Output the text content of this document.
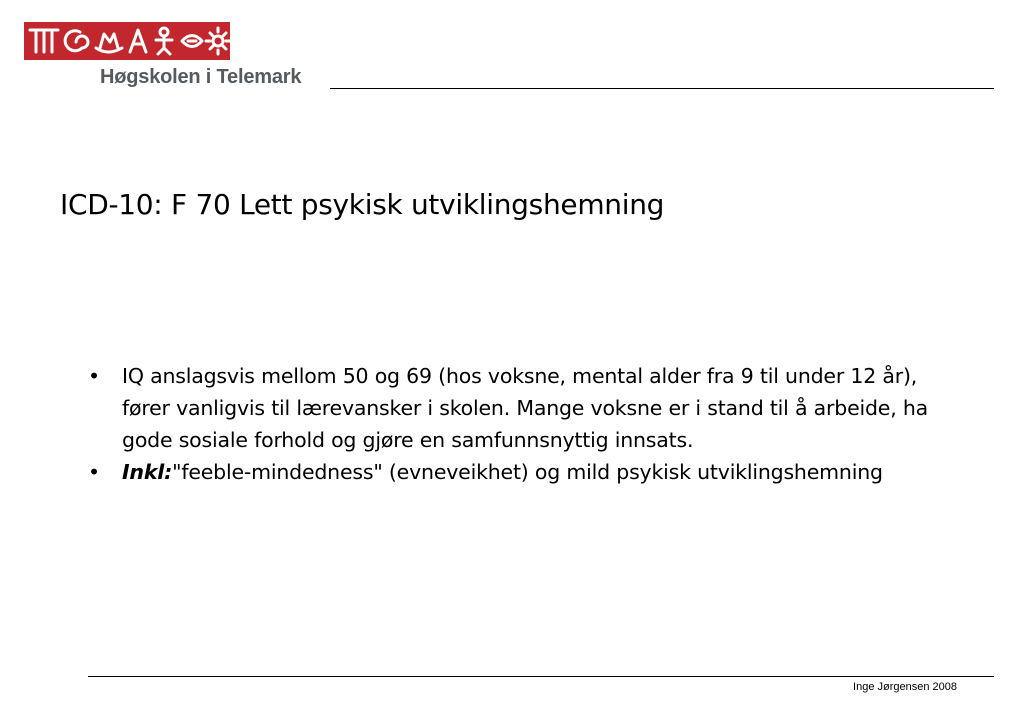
Høgskolen i Telemark
ICD-10: F 70 Lett psykisk utviklingshemning
• IQ anslagsvis mellom 50 og 69 (hos voksne, mental alder fra 9 til under 12 år), fører vanligvis til lærevansker i skolen. Mange voksne er i stand til å arbeide, ha gode sosiale forhold og gjøre en samfunnsnyttig innsats.
• Inkl:"feeble-mindedness" (evneveikhet) og mild psykisk utviklingshemning
Inge Jørgensen 2008
